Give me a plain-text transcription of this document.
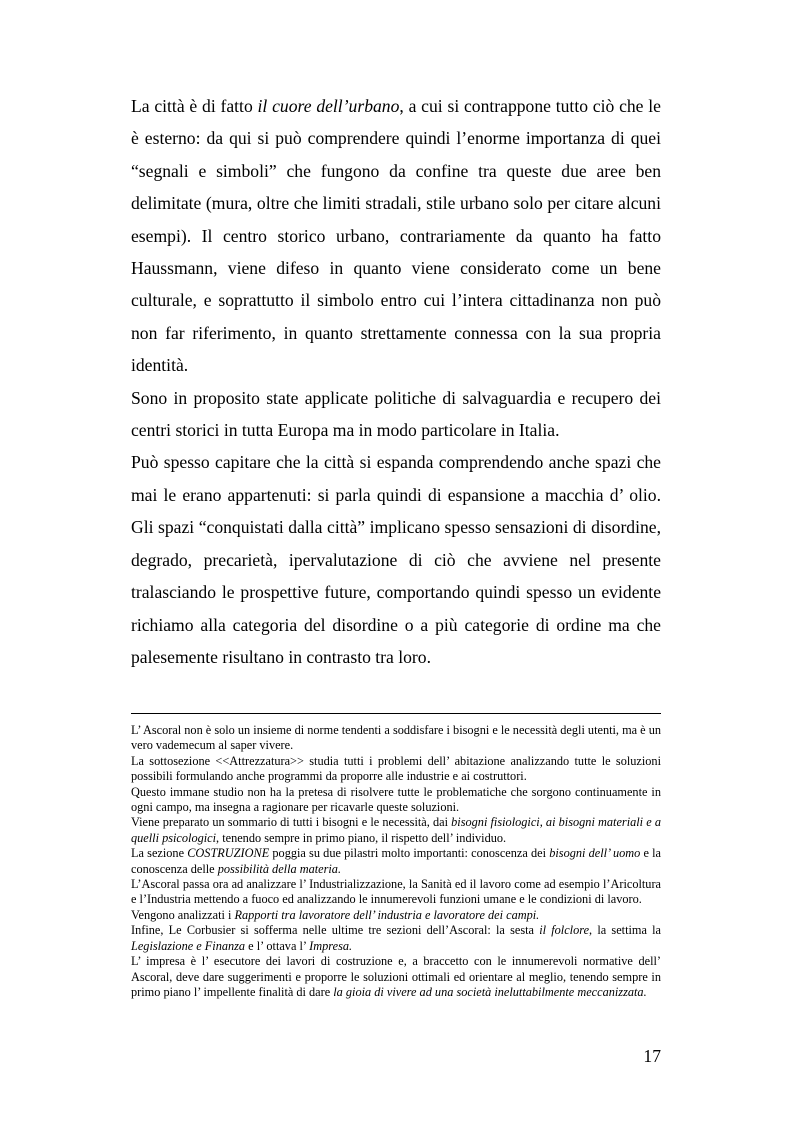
La città è di fatto il cuore dell’urbano, a cui si contrappone tutto ciò che le è esterno: da qui si può comprendere quindi l’enorme importanza di quei “segnali e simboli” che fungono da confine tra queste due aree ben delimitate (mura, oltre che limiti stradali, stile urbano solo per citare alcuni esempi). Il centro storico urbano, contrariamente da quanto ha fatto Haussmann, viene difeso in quanto viene considerato come un bene culturale, e soprattutto il simbolo entro cui l’intera cittadinanza non può non far riferimento, in quanto strettamente connessa con la sua propria identità.

Sono in proposito state applicate politiche di salvaguardia e recupero dei centri storici in tutta Europa ma in modo particolare in Italia.

Può spesso capitare che la città si espanda comprendendo anche spazi che mai le erano appartenuti: si parla quindi di espansione a macchia d’ olio. Gli spazi “conquistati dalla città” implicano spesso sensazioni di disordine, degrado, precarietà, ipervalutazione di ciò che avviene nel presente tralasciando le prospettive future, comportando quindi spesso un evidente richiamo alla categoria del disordine o a più categorie di ordine ma che palesemente risultano in contrasto tra loro.

L’ Ascoral non è solo un insieme di norme tendenti a soddisfare i bisogni e le necessità degli utenti, ma è un vero vademecum al saper vivere.

La sottosezione <<Attrezzatura>> studia tutti i problemi dell’ abitazione analizzando tutte le soluzioni possibili formulando anche programmi da proporre alle industrie e ai costruttori.

Questo immane studio non ha la pretesa di risolvere tutte le problematiche che sorgono continuamente in ogni campo, ma insegna a ragionare per ricavarle queste soluzioni.

Viene preparato un sommario di tutti i bisogni e le necessità, dai bisogni fisiologici, ai bisogni materiali e a quelli psicologici, tenendo sempre in primo piano, il rispetto dell’ individuo.

La sezione COSTRUZIONE poggia su due pilastri molto importanti: conoscenza dei bisogni dell’ uomo e la conoscenza delle possibilità della materia.

L’Ascoral passa ora ad analizzare l’ Industrializzazione, la Sanità ed il lavoro come ad esempio l’Aricoltura e l’Industria mettendo a fuoco ed analizzando le innumerevoli funzioni umane e le condizioni di lavoro.

Vengono analizzati i Rapporti tra lavoratore dell’ industria e lavoratore dei campi.

Infine, Le Corbusier si sofferma nelle ultime tre sezioni dell’Ascoral: la sesta il folclore, la settima la Legislazione e Finanza e l’ ottava l’ Impresa.

L’ impresa è l’ esecutore dei lavori di costruzione e, a braccetto con le innumerevoli normative dell’ Ascoral, deve dare suggerimenti e proporre le soluzioni ottimali ed orientare al meglio, tenendo sempre in primo piano l’ impellente finalità di dare la gioia di vivere ad una società ineluttabilmente meccanizzata.

17
